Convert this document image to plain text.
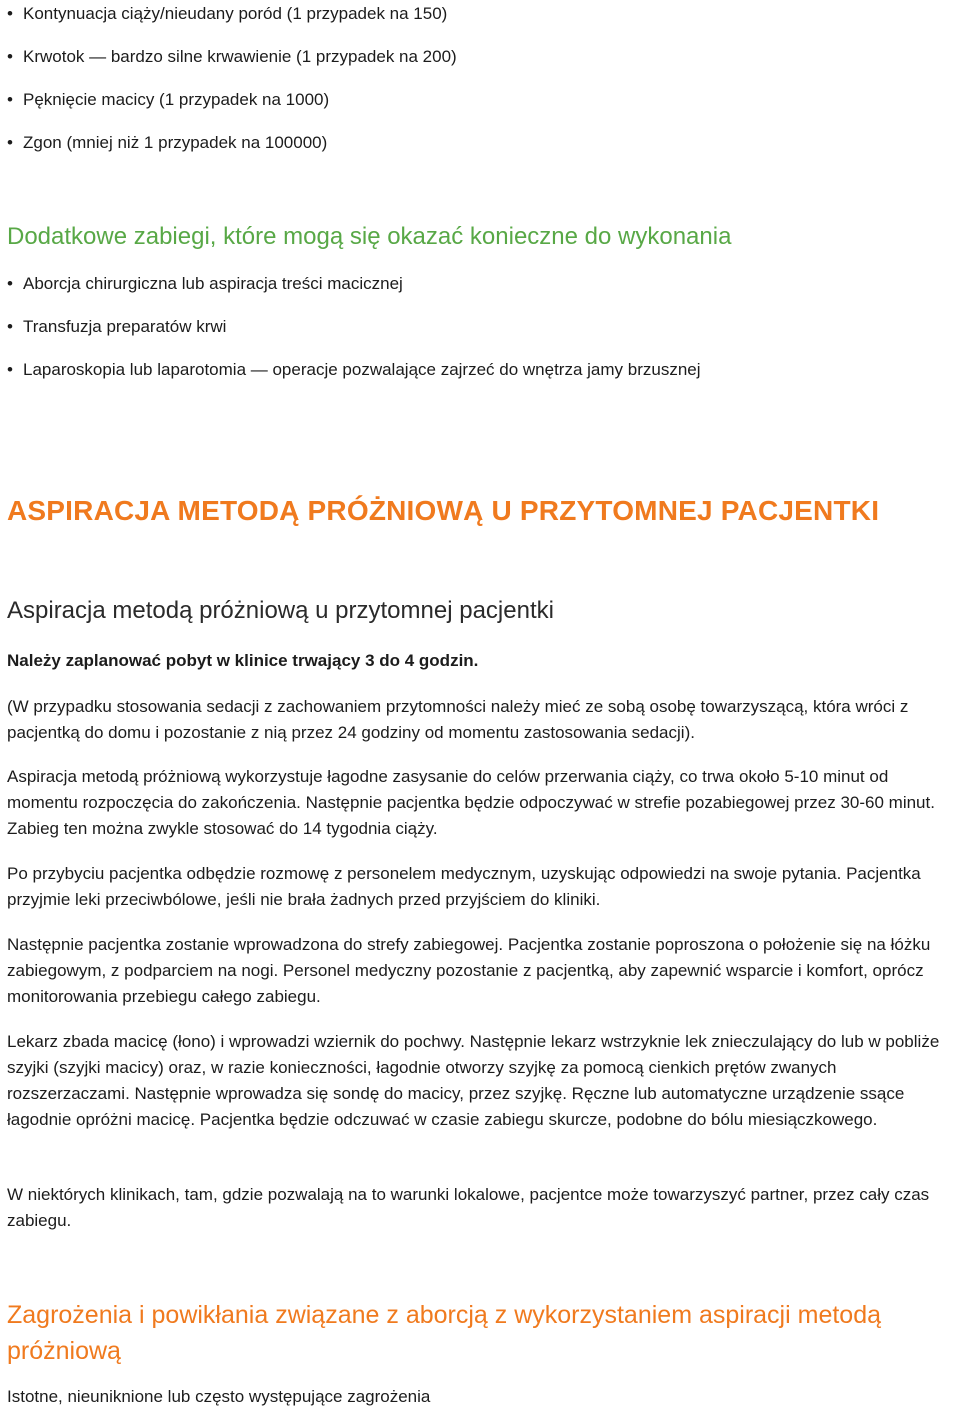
• Kontynuacja ciąży/nieudany poród (1 przypadek na 150)
• Krwotok — bardzo silne krwawienie (1 przypadek na 200)
• Pęknięcie macicy (1 przypadek na 1000)
• Zgon (mniej niż 1 przypadek na 100000)
Dodatkowe zabiegi, które mogą się okazać konieczne do wykonania
• Aborcja chirurgiczna lub aspiracja treści macicznej
• Transfuzja preparatów krwi
• Laparoskopia lub laparotomia — operacje pozwalające zajrzeć do wnętrza jamy brzusznej
ASPIRACJA METODĄ PRÓŻNIOWĄ U PRZYTOMNEJ PACJENTKI
Aspiracja metodą próżniową u przytomnej pacjentki

Należy zaplanować pobyt w klinice trwający 3 do 4 godzin.

(W przypadku stosowania sedacji z zachowaniem przytomności należy mieć ze sobą osobę towarzyszącą, która wróci z pacjentką do domu i pozostanie z nią przez 24 godziny od momentu zastosowania sedacji).

Aspiracja metodą próżniową wykorzystuje łagodne zasysanie do celów przerwania ciąży, co trwa około 5-10 minut od momentu rozpoczęcia do zakończenia. Następnie pacjentka będzie odpoczywać w strefie pozabiegowej przez 30-60 minut. Zabieg ten można zwykle stosować do 14 tygodnia ciąży.

Po przybyciu pacjentka odbędzie rozmowę z personelem medycznym, uzyskując odpowiedzi na swoje pytania. Pacjentka przyjmie leki przeciwbólowe, jeśli nie brała żadnych przed przyjściem do kliniki.

Następnie pacjentka zostanie wprowadzona do strefy zabiegowej. Pacjentka zostanie poproszona o położenie się na łóżku zabiegowym, z podparciem na nogi. Personel medyczny pozostanie z pacjentką, aby zapewnić wsparcie i komfort, oprócz monitorowania przebiegu całego zabiegu.

Lekarz zbada macicę (łono) i wprowadzi wziernik do pochwy. Następnie lekarz wstrzyknie lek znieczulający do lub w pobliże szyjki (szyjki macicy) oraz, w razie konieczności, łagodnie otworzy szyjkę za pomocą cienkich prętów zwanych rozszerzaczami. Następnie wprowadza się sondę do macicy, przez szyjkę. Ręczne lub automatyczne urządzenie ssące łagodnie opróżni macicę. Pacjentka będzie odczuwać w czasie zabiegu skurcze, podobne do bólu miesiączkowego.

W niektórych klinikach, tam, gdzie pozwalają na to warunki lokalowe, pacjentce może towarzyszyć partner, przez cały czas zabiegu.

Zagrożenia i powikłania związane z aborcją z wykorzystaniem aspiracji metodą próżniową

Istotne, nieuniknione lub często występujące zagrożenia
